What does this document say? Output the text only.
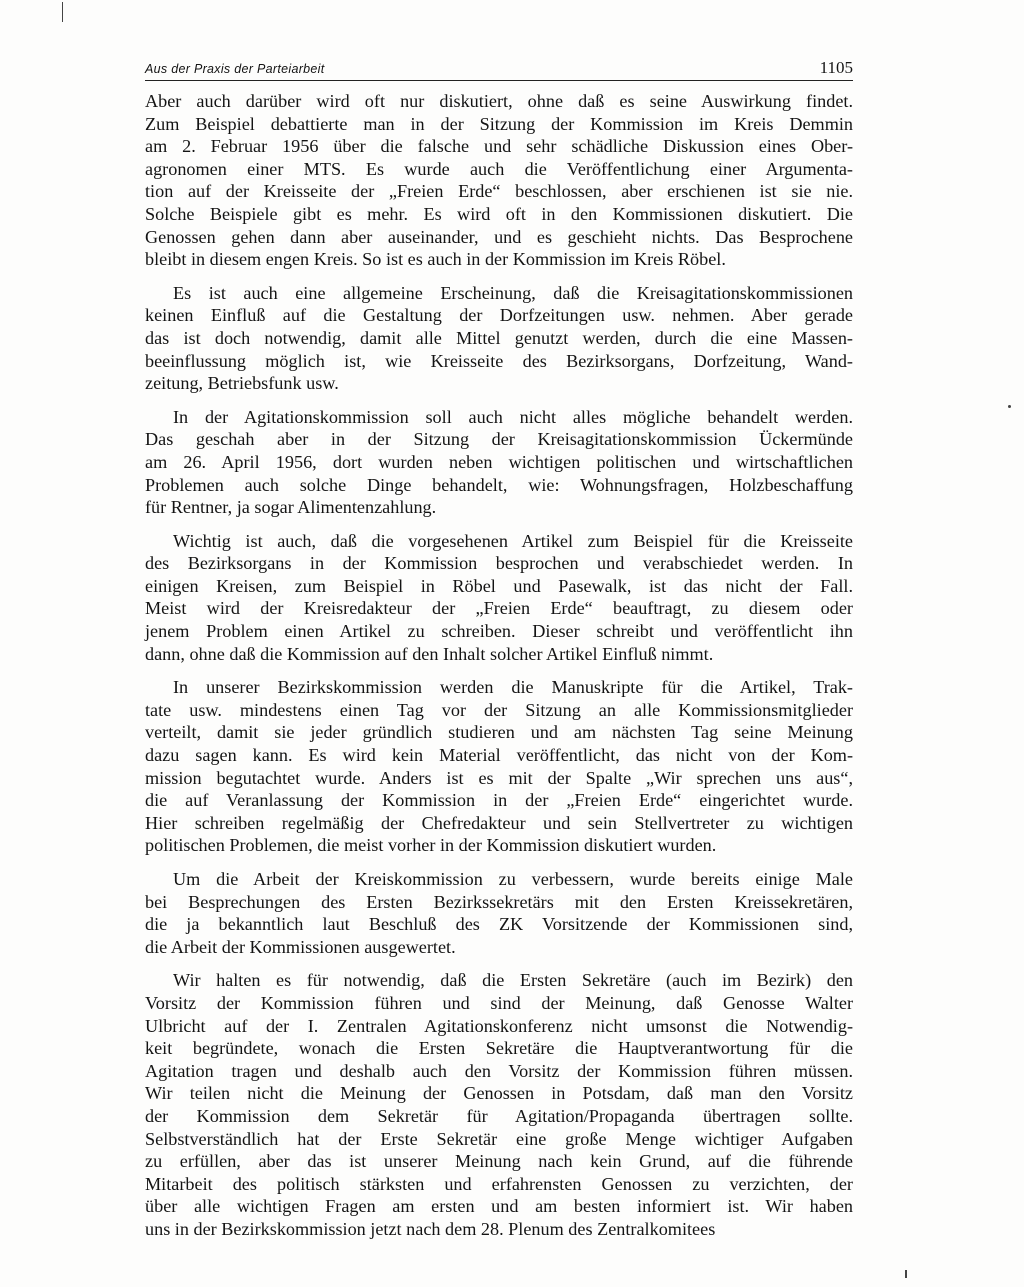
Aus der Praxis der Parteiarbeit	1105
Aber auch darüber wird oft nur diskutiert, ohne daß es seine Auswirkung findet.
Zum Beispiel debattierte man in der Sitzung der Kommission im Kreis Demmin
am 2. Februar 1956 über die falsche und sehr schädliche Diskussion eines Ober-
agronomen einer MTS. Es wurde auch die Veröffentlichung einer Argumenta-
tion auf der Kreisseite der „Freien Erde“ beschlossen, aber erschienen ist sie nie.
Solche Beispiele gibt es mehr. Es wird oft in den Kommissionen diskutiert. Die
Genossen gehen dann aber auseinander, und es geschieht nichts. Das Besprochene
bleibt in diesem engen Kreis. So ist es auch in der Kommission im Kreis Röbel.
Es ist auch eine allgemeine Erscheinung, daß die Kreisagitationskommissionen
keinen Einfluß auf die Gestaltung der Dorfzeitungen usw. nehmen. Aber gerade
das ist doch notwendig, damit alle Mittel genutzt werden, durch die eine Massen-
beeinflussung möglich ist, wie Kreisseite des Bezirksorgans, Dorfzeitung, Wand-
zeitung, Betriebsfunk usw.
In der Agitationskommission soll auch nicht alles mögliche behandelt werden.
Das geschah aber in der Sitzung der Kreisagitationskommission Ückermünde
am 26. April 1956, dort wurden neben wichtigen politischen und wirtschaftlichen
Problemen auch solche Dinge behandelt, wie: Wohnungsfragen, Holzbeschaffung
für Rentner, ja sogar Alimentenzahlung.
Wichtig ist auch, daß die vorgesehenen Artikel zum Beispiel für die Kreisseite
des Bezirksorgans in der Kommission besprochen und verabschiedet werden. In
einigen Kreisen, zum Beispiel in Röbel und Pasewalk, ist das nicht der Fall.
Meist wird der Kreisredakteur der „Freien Erde“ beauftragt, zu diesem oder
jenem Problem einen Artikel zu schreiben. Dieser schreibt und veröffentlicht ihn
dann, ohne daß die Kommission auf den Inhalt solcher Artikel Einfluß nimmt.
In unserer Bezirkskommission werden die Manuskripte für die Artikel, Trak-
tate usw. mindestens einen Tag vor der Sitzung an alle Kommissionsmitglieder
verteilt, damit sie jeder gründlich studieren und am nächsten Tag seine Meinung
dazu sagen kann. Es wird kein Material veröffentlicht, das nicht von der Kom-
mission begutachtet wurde. Anders ist es mit der Spalte „Wir sprechen uns aus“,
die auf Veranlassung der Kommission in der „Freien Erde“ eingerichtet wurde.
Hier schreiben regelmäßig der Chefredakteur und sein Stellvertreter zu wichtigen
politischen Problemen, die meist vorher in der Kommission diskutiert wurden.
Um die Arbeit der Kreiskommission zu verbessern, wurde bereits einige Male
bei Besprechungen des Ersten Bezirkssekretärs mit den Ersten Kreissekretären,
die ja bekanntlich laut Beschluß des ZK Vorsitzende der Kommissionen sind,
die Arbeit der Kommissionen ausgewertet.
Wir halten es für notwendig, daß die Ersten Sekretäre (auch im Bezirk) den
Vorsitz der Kommission führen und sind der Meinung, daß Genosse Walter
Ulbricht auf der I. Zentralen Agitationskonferenz nicht umsonst die Notwendig-
keit begründete, wonach die Ersten Sekretäre die Hauptverantwortung für die
Agitation tragen und deshalb auch den Vorsitz der Kommission führen müssen.
Wir teilen nicht die Meinung der Genossen in Potsdam, daß man den Vorsitz
der Kommission dem Sekretär für Agitation/Propaganda übertragen sollte.
Selbstverständlich hat der Erste Sekretär eine große Menge wichtiger Aufgaben
zu erfüllen, aber das ist unserer Meinung nach kein Grund, auf die führende
Mitarbeit des politisch stärksten und erfahrensten Genossen zu verzichten, der
über alle wichtigen Fragen am ersten und am besten informiert ist. Wir haben
uns in der Bezirkskommission jetzt nach dem 28. Plenum des Zentralkomitees
